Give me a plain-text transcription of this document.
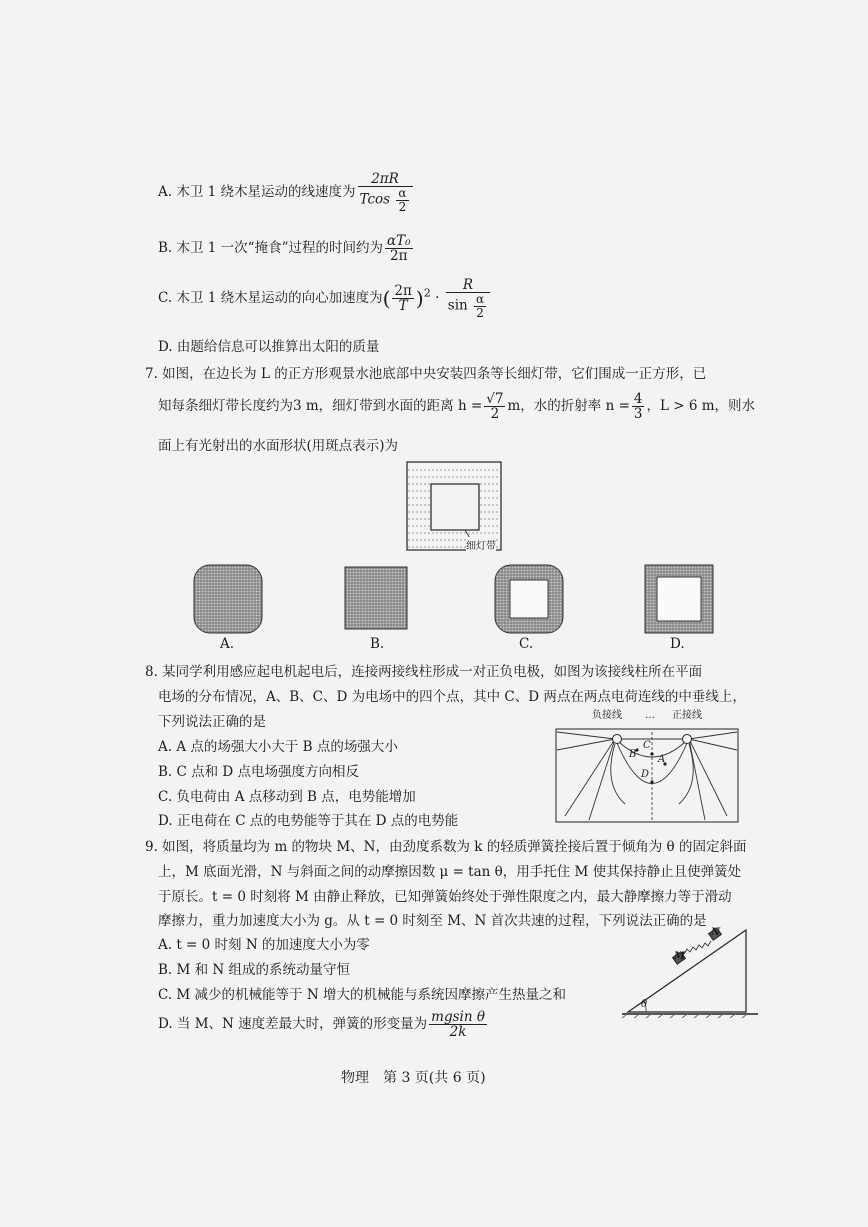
A. 木卫 1 绕木星运动的线速度为 $\frac{2\pi R}{Tcos \frac{\alpha}{2}}$
B. 木卫 1 一次“掩食”过程的时间约为 $\frac{\text{αT₀}}{2\pi}$
C. 木卫 1 绕木星运动的向心加速度为( $\frac{2\pi}{T} )^2 \cdot \frac{R}{\sin \frac{\alpha}{2}}$
D. 由题给信息可以推算出太阳的质量
7. 如图，在边长为 L 的正方形观景水池底部中央安装四条等长细灯带，它们围成一正方形，已
知每条细灯带长度约为3 m，细灯带到水面的距离 $h = \frac{√7}{2}$ m，水的折射率 $n = \frac{4}{3}$ ，L > 6 m，则水
面上有光射出的水面形状(用斑点表示)为
细灯带
A.	B.	C.	D.
8. 某同学利用感应起电机起电后，连接两接线柱形成一对正负电极，如图为该接线柱所在平面
电场的分布情况，A、B、C、D 为电场中的四个点，其中 C、D 两点在两点电荷连线的中垂线上，
下列说法正确的是
A. A 点的场强大小大于 B 点的场强大小
B. C 点和 D 点电场强度方向相反
C. 负电荷由 A 点移动到 B 点，电势能增加
D. 正电荷在 C 点的电势能等于其在 D 点的电势能
负接线 … 正接线
B
C
A
D
9. 如图，将质量均为 m 的物块 M、N，由劲度系数为 k 的轻质弹簧拴接后置于倾角为 θ 的固定斜面
上，M 底面光滑，N 与斜面之间的动摩擦因数 μ = tan θ，用手托住 M 使其保持静止且使弹簧处
于原长。t = 0 时刻将 M 由静止释放，已知弹簧始终处于弹性限度之内，最大静摩擦力等于滑动
摩擦力，重力加速度大小为 g。从 t = 0 时刻至 M、N 首次共速的过程，下列说法正确的是
A. t = 0 时刻 N 的加速度大小为零
B. M 和 N 组成的系统动量守恒
C. M 减少的机械能等于 N 增大的机械能与系统因摩擦产生热量之和
D. 当 M、N 速度差最大时，弹簧的形变量为 $\frac{\text{mgsin θ}}{2k}$
M
N
θ
物理　第 3 页(共 6 页)
